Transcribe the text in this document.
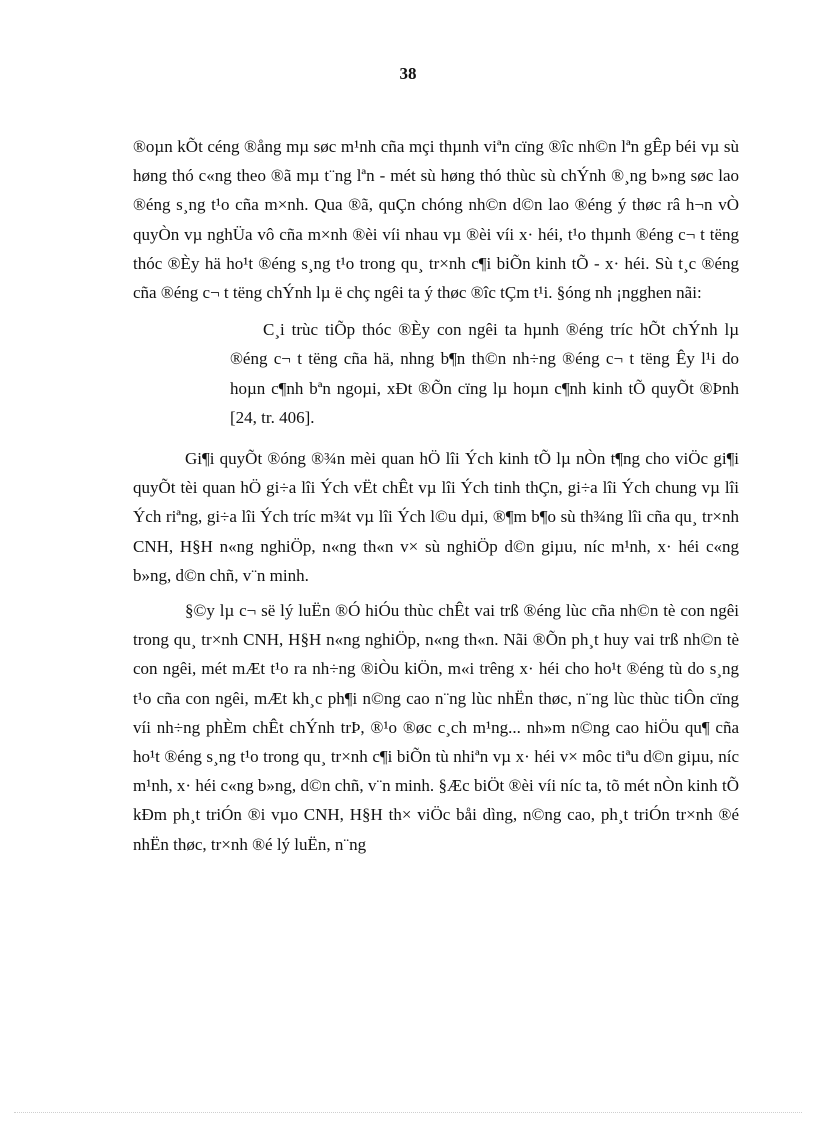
38

®oµn kÕt céng ®ång mµ søc m¹nh cña mçi thµnh viªn cïng ®îc nh©n lªn gÊp béi vµ sù høng thó c«ng theo ®ã mµ t¨ng lªn - mét sù høng thó thùc sù chÝnh ®¸ng b»ng søc lao ®éng s¸ng t¹o cña m×nh. Qua ®ã, quÇn chóng nh©n d©n lao ®éng ý thøc râ h¬n vÒ quyÒn vµ nghÜa vô cña m×nh ®èi víi nhau vµ ®èi víi x· héi, t¹o thµnh ®éng c¬ t tëng thóc ®Èy hä ho¹t ®éng s¸ng t¹o trong qu¸ tr×nh c¶i biÕn kinh tÕ - x· héi. Sù t¸c ®éng cña ®éng c¬ t tëng chÝnh lµ ë chç ngêi ta ý thøc ®îc tÇm t¹i. §óng nh ¡ngghen nãi:

C¸i trùc tiÕp thóc ®Èy con ngêi ta hµnh ®éng tríc hÕt chÝnh lµ ®éng c¬ t tëng cña hä, nhng b¶n th©n nh÷ng ®éng c¬ t tëng Êy l¹i do hoµn c¶nh bªn ngoµi, xÐt ®Õn cïng lµ hoµn c¶nh kinh tÕ quyÕt ®Þnh [24, tr. 406].

Gi¶i quyÕt ®óng ®¾n mèi quan hÖ lîi Ých kinh tÕ lµ nÒn t¶ng cho viÖc gi¶i quyÕt tèi quan hÖ gi÷a lîi Ých vËt chÊt vµ lîi Ých tinh thÇn, gi÷a lîi Ých chung vµ lîi Ých riªng, gi÷a lîi Ých tríc m¾t vµ lîi Ých l©u dµi, ®¶m b¶o sù th¾ng lîi cña qu¸ tr×nh CNH, H§H n«ng nghiÖp, n«ng th«n v× sù nghiÖp d©n giµu, níc m¹nh, x· héi c«ng b»ng, d©n chñ, v¨n minh.

§©y lµ c¬ së lý luËn ®Ó hiÓu thùc chÊt vai trß ®éng lùc cña nh©n tè con ngêi trong qu¸ tr×nh CNH, H§H n«ng nghiÖp, n«ng th«n. Nãi ®Õn ph¸t huy vai trß nh©n tè con ngêi, mét mÆt t¹o ra nh÷ng ®iÒu kiÖn, m«i trêng x· héi cho ho¹t ®éng tù do s¸ng t¹o cña con ngêi, mÆt kh¸c ph¶i n©ng cao n¨ng lùc nhËn thøc, n¨ng lùc thùc tiÔn cïng víi nh÷ng phÈm chÊt chÝnh trÞ, ®¹o ®øc c¸ch m¹ng... nh»m n©ng cao hiÖu qu¶ cña ho¹t ®éng s¸ng t¹o trong qu¸ tr×nh c¶i biÕn tù nhiªn vµ x· héi v× môc tiªu d©n giµu, níc m¹nh, x· héi c«ng b»ng, d©n chñ, v¨n minh. §Æc biÖt ®èi víi níc ta, tõ mét nÒn kinh tÕ kÐm ph¸t triÓn ®i vµo CNH, H§H th× viÖc båi dìng, n©ng cao, ph¸t triÓn tr×nh ®é nhËn thøc, tr×nh ®é lý luËn, n¨ng
